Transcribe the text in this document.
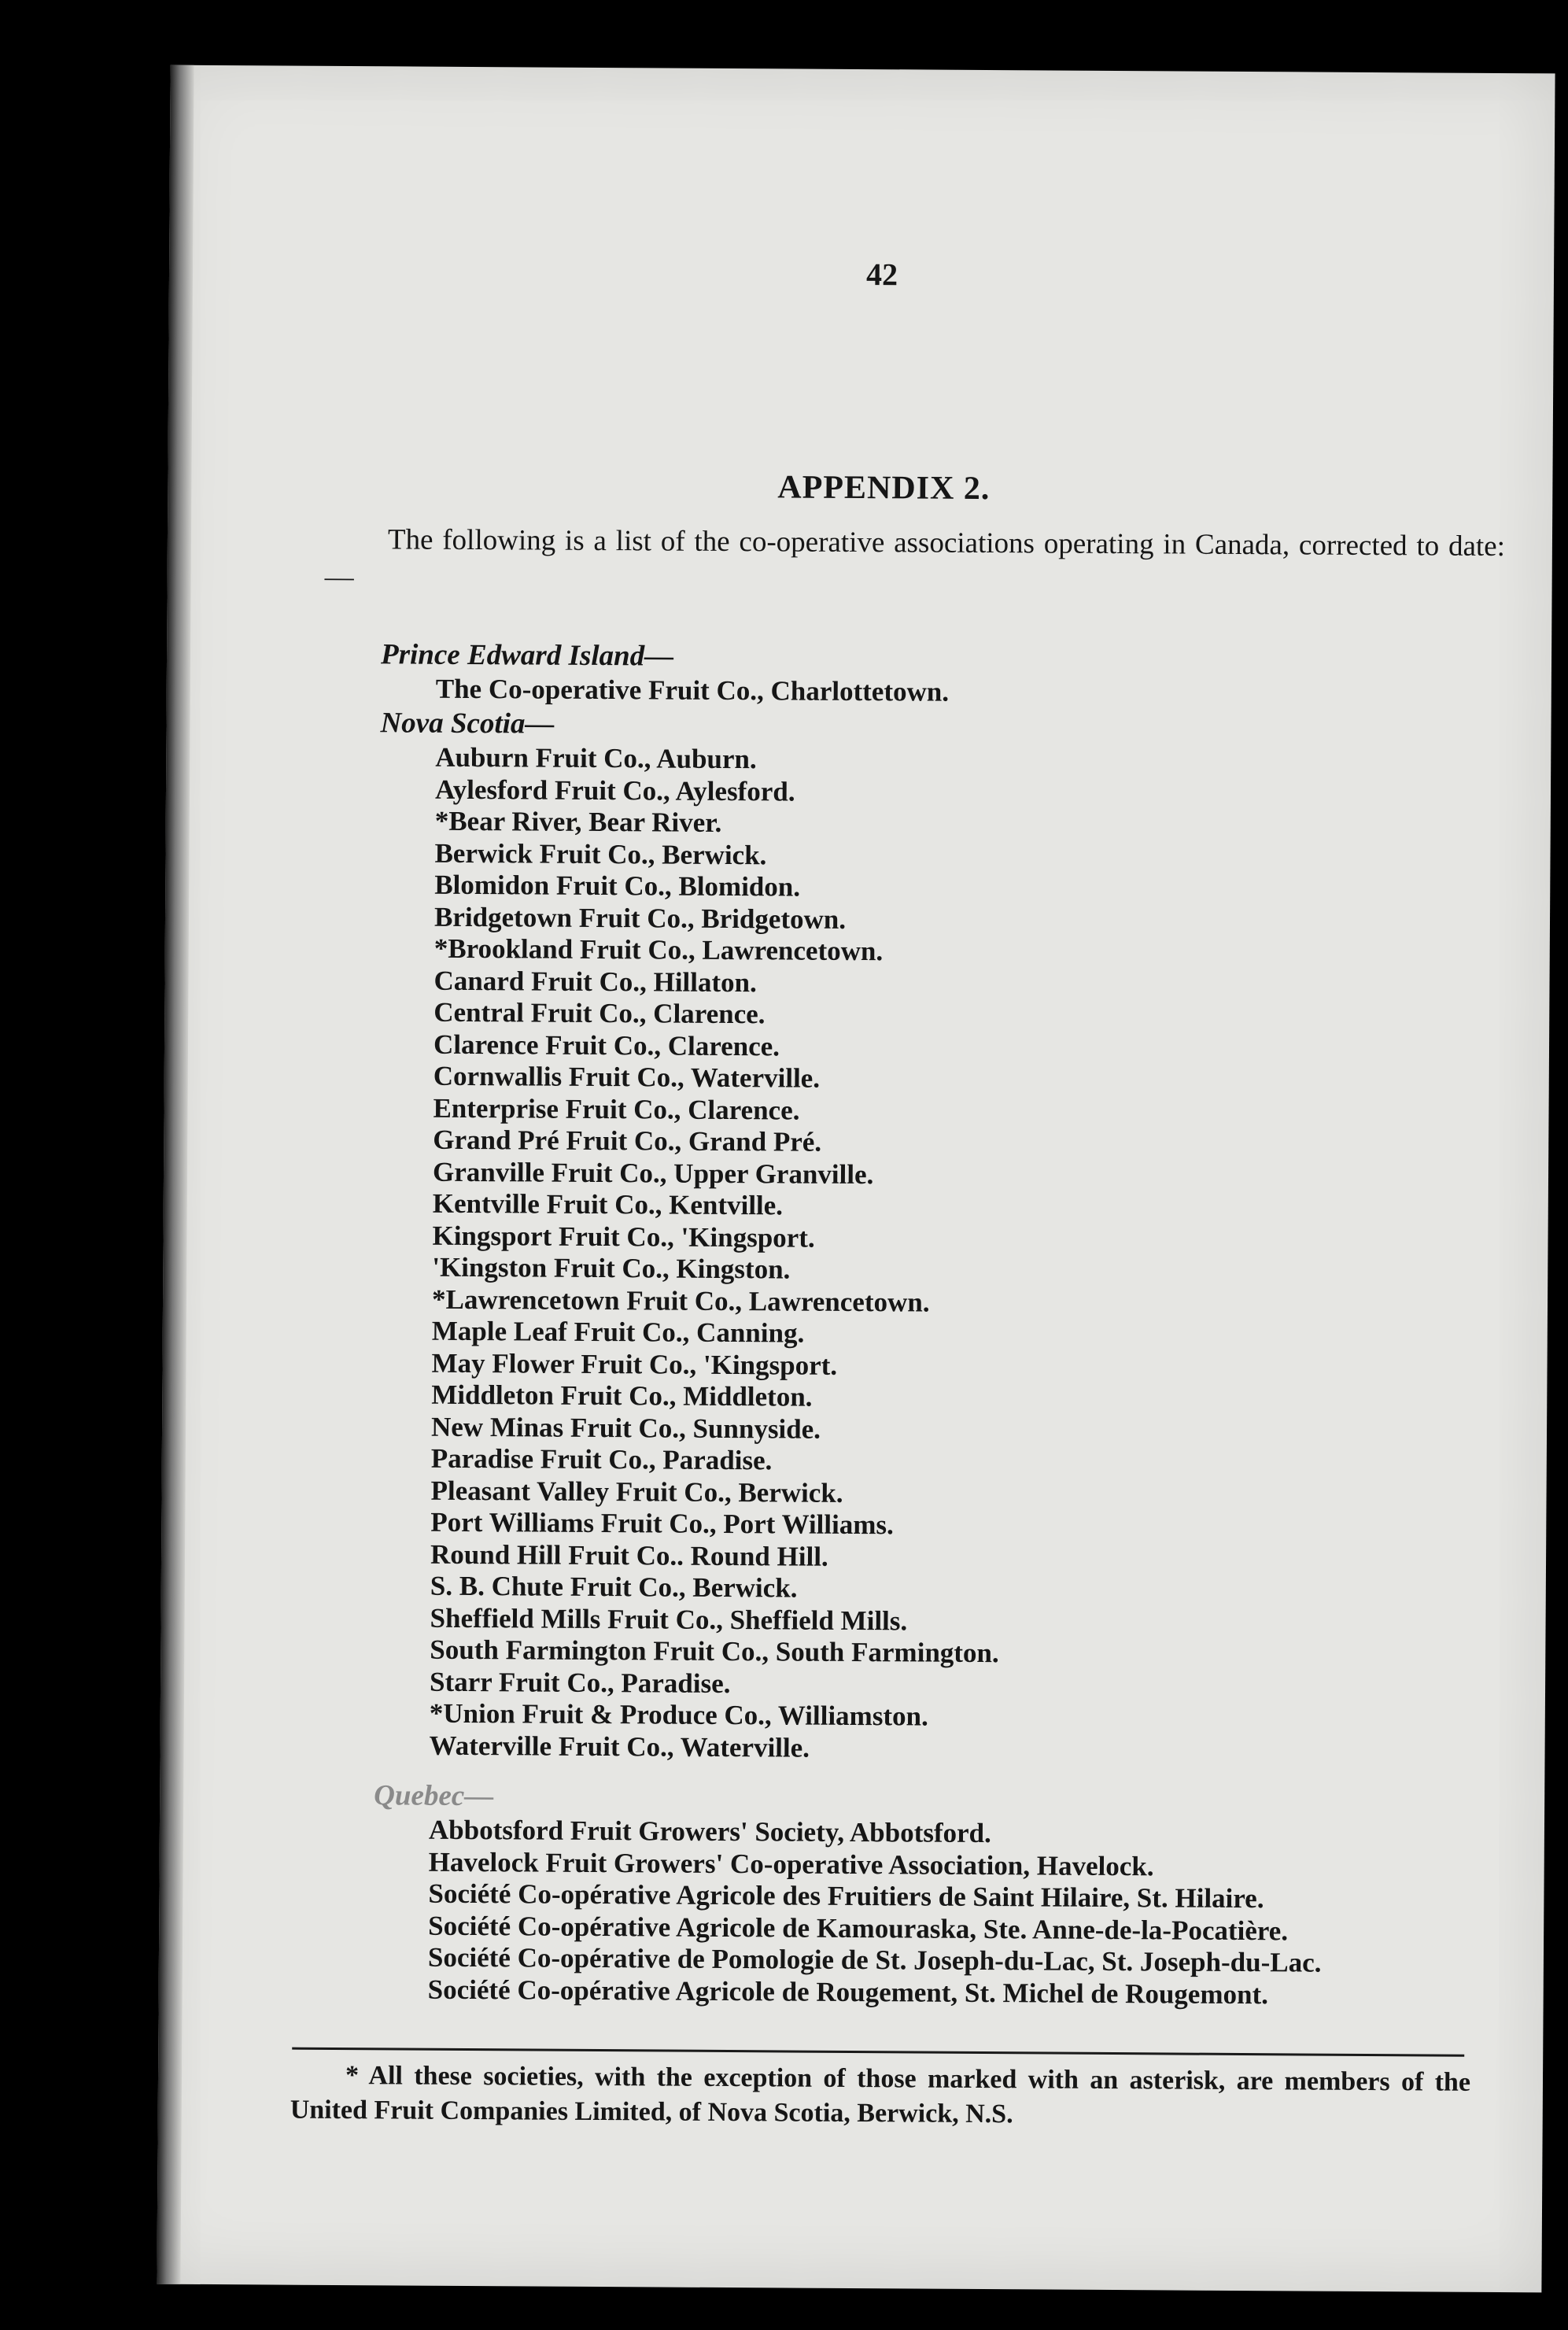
42
APPENDIX 2.
The following is a list of the co-operative associations operating in Canada, corrected to date:—

Prince Edward Island—

The Co-operative Fruit Co., Charlottetown.

Nova Scotia—

Auburn Fruit Co., Auburn.
Aylesford Fruit Co., Aylesford.
*Bear River, Bear River.
Berwick Fruit Co., Berwick.
Blomidon Fruit Co., Blomidon.
Bridgetown Fruit Co., Bridgetown.
*Brookland Fruit Co., Lawrencetown.
Canard Fruit Co., Hillaton.
Central Fruit Co., Clarence.
Clarence Fruit Co., Clarence.
Cornwallis Fruit Co., Waterville.
Enterprise Fruit Co., Clarence.
Grand Pré Fruit Co., Grand Pré.
Granville Fruit Co., Upper Granville.
Kentville Fruit Co., Kentville.
Kingsport Fruit Co., 'Kingsport.
'Kingston Fruit Co., Kingston.
*Lawrencetown Fruit Co., Lawrencetown.
Maple Leaf Fruit Co., Canning.
May Flower Fruit Co., 'Kingsport.
Middleton Fruit Co., Middleton.
New Minas Fruit Co., Sunnyside.
Paradise Fruit Co., Paradise.
Pleasant Valley Fruit Co., Berwick.
Port Williams Fruit Co., Port Williams.
Round Hill Fruit Co.. Round Hill.
S. B. Chute Fruit Co., Berwick.
Sheffield Mills Fruit Co., Sheffield Mills.
South Farmington Fruit Co., South Farmington.
Starr Fruit Co., Paradise.
*Union Fruit & Produce Co., Williamston.
Waterville Fruit Co., Waterville.

Quebec—

Abbotsford Fruit Growers' Society, Abbotsford.
Havelock Fruit Growers' Co-operative Association, Havelock.
Société Co-opérative Agricole des Fruitiers de Saint Hilaire, St. Hilaire.
Société Co-opérative Agricole de Kamouraska, Ste. Anne-de-la-Pocatière.
Société Co-opérative de Pomologie de St. Joseph-du-Lac, St. Joseph-du-Lac.
Société Co-opérative Agricole de Rougement, St. Michel de Rougemont.
* All these societies, with the exception of those marked with an asterisk, are members of the United Fruit Companies Limited, of Nova Scotia, Berwick, N.S.
